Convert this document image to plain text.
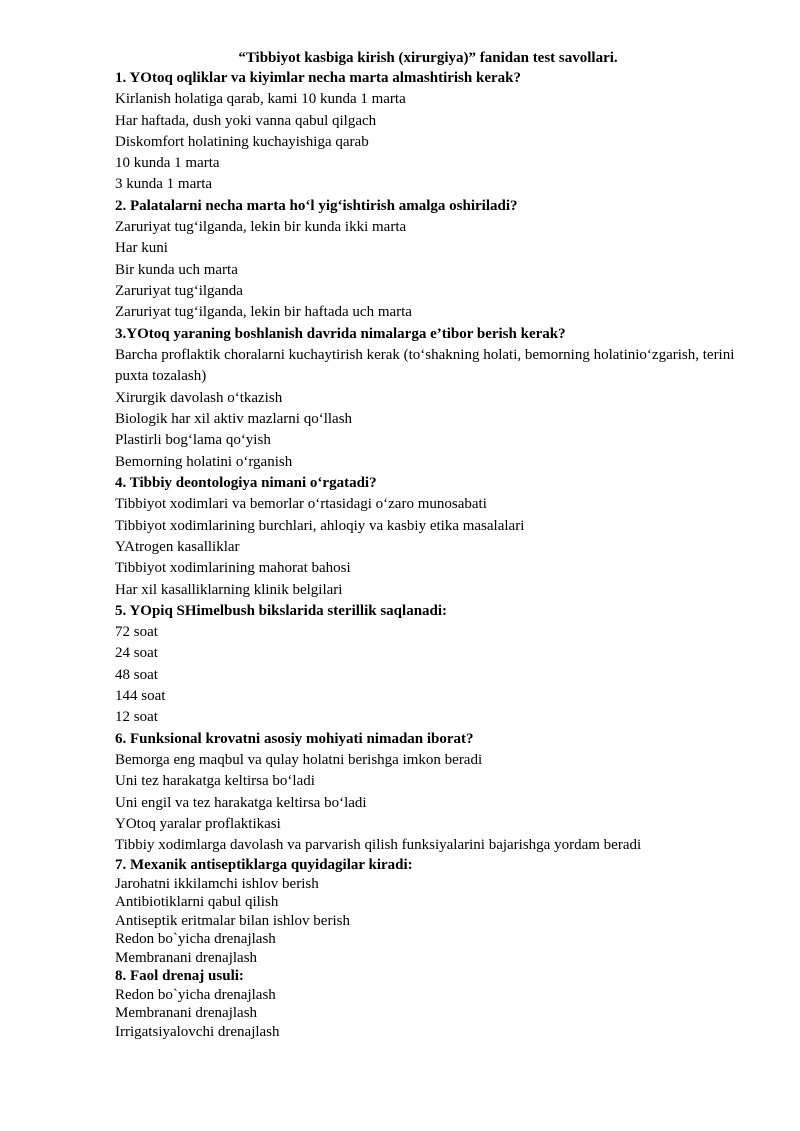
“Tibbiyot kasbiga kirish (xirurgiya)” fanidan test savollari.
1. YOtoq oqliklar va kiyimlar necha marta almashtirish kerak?
Kirlanish holatiga qarab, kami 10 kunda 1 marta
Har haftada, dush yoki vanna qabul qilgach
Diskomfort holatining kuchayishiga qarab
10 kunda 1 marta
3 kunda 1 marta
2. Palatalarni necha marta ho‘l yig‘ishtirish amalga oshiriladi?
Zaruriyat tug‘ilganda, lekin bir kunda ikki marta
Har kuni
Bir kunda uch marta
Zaruriyat tug‘ilganda
Zaruriyat tug‘ilganda, lekin bir haftada uch marta
3.YOtoq yaraning boshlanish davrida nimalarga e’tibor berish kerak?
Barcha proflaktik choralarni kuchaytirish kerak (to‘shakning holati, bemorning holatinio‘zgarish, terini puxta tozalash)
Xirurgik davolash o‘tkazish
Biologik har xil aktiv mazlarni qo‘llash
Plastirli bog‘lama qo‘yish
Bemorning holatini o‘rganish
4. Tibbiy deontologiya nimani o‘rgatadi?
Tibbiyot xodimlari va bemorlar o‘rtasidagi o‘zaro munosabati
Tibbiyot xodimlarining burchlari, ahloqiy va kasbiy etika masalalari
YAtrogen kasalliklar
Tibbiyot xodimlarining mahorat bahosi
Har xil kasalliklarning klinik belgilari
5. YOpiq SHimelbush bikslarida sterillik saqlanadi:
72 soat
24 soat
48 soat
144 soat
12 soat
6. Funksional krovatni asosiy mohiyati nimadan iborat?
Bemorga eng maqbul va qulay holatni berishga imkon beradi
Uni tez harakatga keltirsa bo‘ladi
Uni engil va tez harakatga keltirsa bo‘ladi
YOtoq yaralar proflaktikasi
Tibbiy xodimlarga davolash va parvarish qilish funksiyalarini bajarishga yordam beradi
7. Mexanik antiseptiklarga quyidagilar kiradi:
Jarohatni ikkilamchi ishlov berish
Antibiotiklarni qabul qilish
Antiseptik eritmalar bilan ishlov berish
Redon bo`yicha drenajlash
Membranani drenajlash
8. Faol drenaj usuli:
Redon bo`yicha drenajlash
Membranani drenajlash
Irrigatsiyalovchi drenajlash
